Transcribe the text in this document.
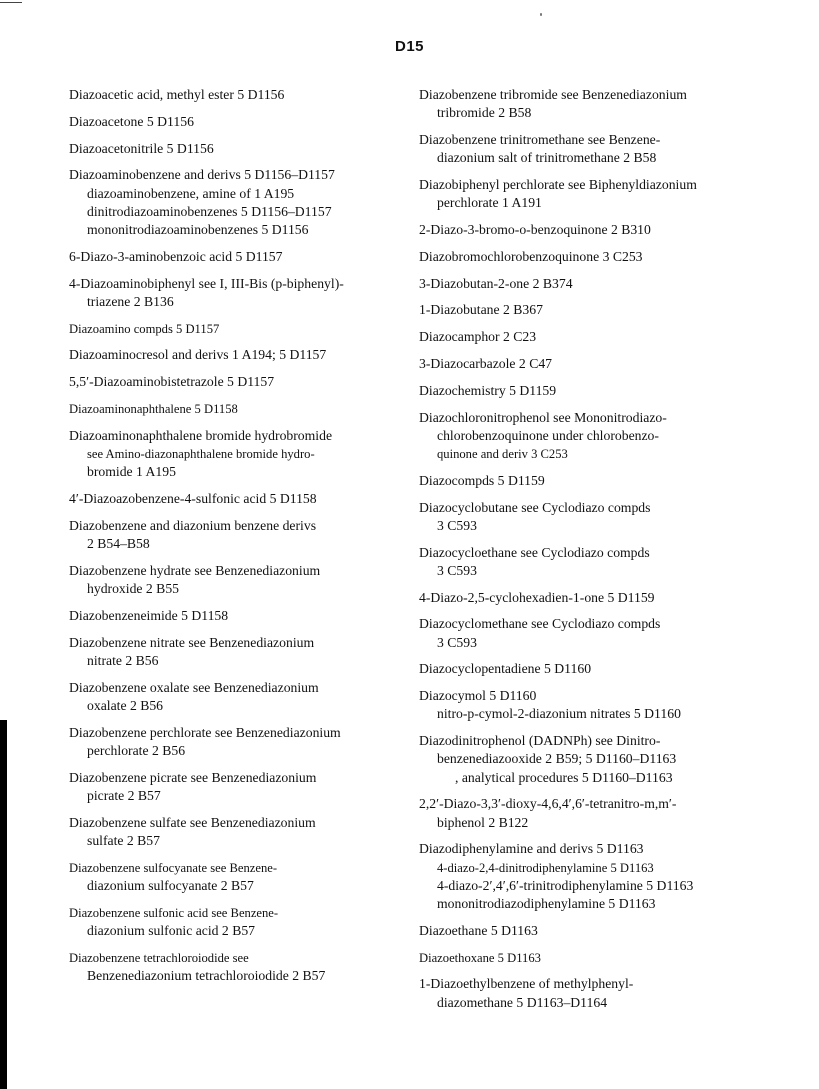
D15
Diazoacetic acid, methyl ester 5 D1156
Diazoacetone 5 D1156
Diazoacetonitrile 5 D1156
Diazoaminobenzene and derivs 5 D1156–D1157
diazoaminobenzene, amine of 1 A195
dinitrodiazoaminobenzenes 5 D1156–D1157
mononitrodiazoaminobenzenes 5 D1156
6-Diazo-3-aminobenzoic acid 5 D1157
4-Diazoaminobiphenyl see I, III-Bis (p-biphenyl)-
triazene 2 B136
Diazoamino compds 5 D1157
Diazoaminocresol and derivs 1 A194; 5 D1157
5,5′-Diazoaminobistetrazole 5 D1157
Diazoaminonaphthalene 5 D1158
Diazoaminonaphthalene bromide hydrobromide
see Amino-diazonaphthalene bromide hydro-
bromide 1 A195
4′-Diazoazobenzene-4-sulfonic acid 5 D1158
Diazobenzene and diazonium benzene derivs
2 B54–B58
Diazobenzene hydrate see Benzenediazonium
hydroxide 2 B55
Diazobenzeneimide 5 D1158
Diazobenzene nitrate see Benzenediazonium
nitrate 2 B56
Diazobenzene oxalate see Benzenediazonium
oxalate 2 B56
Diazobenzene perchlorate see Benzenediazonium
perchlorate 2 B56
Diazobenzene picrate see Benzenediazonium
picrate 2 B57
Diazobenzene sulfate see Benzenediazonium
sulfate 2 B57
Diazobenzene sulfocyanate see Benzene-
diazonium sulfocyanate 2 B57
Diazobenzene sulfonic acid see Benzene-
diazonium sulfonic acid 2 B57
Diazobenzene tetrachloroiodide see
Benzenediazonium tetrachloroiodide 2 B57
Diazobenzene tribromide see Benzenediazonium
tribromide 2 B58
Diazobenzene trinitromethane see Benzene-
diazonium salt of trinitromethane 2 B58
Diazobiphenyl perchlorate see Biphenyldiazonium
perchlorate 1 A191
2-Diazo-3-bromo-o-benzoquinone 2 B310
Diazobromochlorobenzoquinone 3 C253
3-Diazobutan-2-one 2 B374
1-Diazobutane 2 B367
Diazocamphor 2 C23
3-Diazocarbazole 2 C47
Diazochemistry 5 D1159
Diazochloronitrophenol see Mononitrodiazo-
chlorobenzoquinone under chlorobenzo-
quinone and deriv 3 C253
Diazocompds 5 D1159
Diazocyclobutane see Cyclodiazo compds
3 C593
Diazocycloethane see Cyclodiazo compds
3 C593
4-Diazo-2,5-cyclohexadien-1-one 5 D1159
Diazocyclomethane see Cyclodiazo compds
3 C593
Diazocyclopentadiene 5 D1160
Diazocymol 5 D1160
nitro-p-cymol-2-diazonium nitrates 5 D1160
Diazodinitrophenol (DADNPh) see Dinitro-
benzenediazooxide 2 B59; 5 D1160–D1163
, analytical procedures 5 D1160–D1163
2,2′-Diazo-3,3′-dioxy-4,6,4′,6′-tetranitro-m,m′-
biphenol 2 B122
Diazodiphenylamine and derivs 5 D1163
4-diazo-2,4-dinitrodiphenylamine 5 D1163
4-diazo-2′,4′,6′-trinitrodiphenylamine 5 D1163
mononitrodiazodiphenylamine 5 D1163
Diazoethane 5 D1163
Diazoethoxane 5 D1163
1-Diazoethylbenzene of methylphenyl-
diazomethane 5 D1163–D1164
